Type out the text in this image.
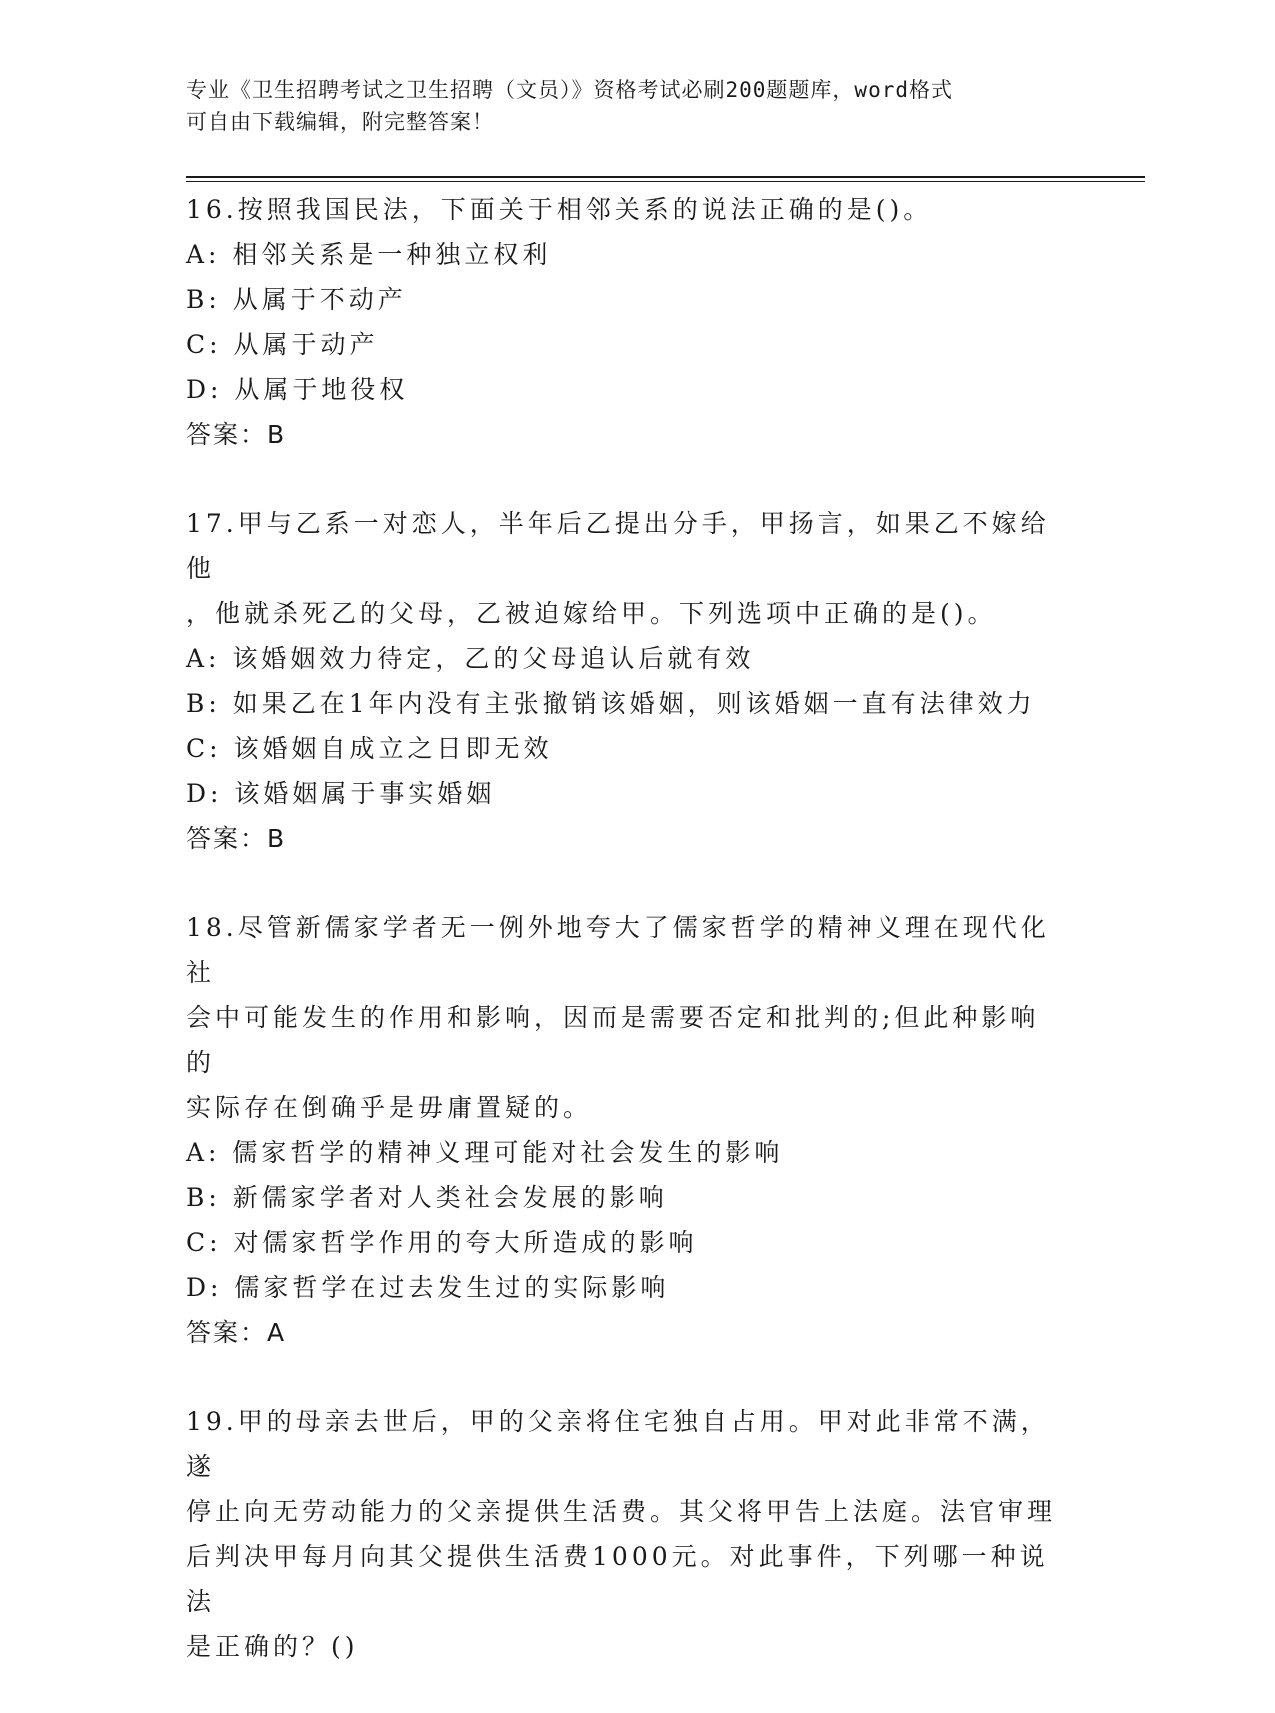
专业《卫生招聘考试之卫生招聘（文员）》资格考试必刷200题题库，word格式
可自由下载编辑，附完整答案！
16.按照我国民法，下面关于相邻关系的说法正确的是()。
A: 相邻关系是一种独立权利
B: 从属于不动产
C: 从属于动产
D: 从属于地役权
答案：B
17.甲与乙系一对恋人，半年后乙提出分手，甲扬言，如果乙不嫁给他
，他就杀死乙的父母，乙被迫嫁给甲。下列选项中正确的是()。
A: 该婚姻效力待定，乙的父母追认后就有效
B: 如果乙在1年内没有主张撤销该婚姻，则该婚姻一直有法律效力
C: 该婚姻自成立之日即无效
D: 该婚姻属于事实婚姻
答案：B
18.尽管新儒家学者无一例外地夸大了儒家哲学的精神义理在现代化社
会中可能发生的作用和影响，因而是需要否定和批判的;但此种影响的
实际存在倒确乎是毋庸置疑的。
A: 儒家哲学的精神义理可能对社会发生的影响
B: 新儒家学者对人类社会发展的影响
C: 对儒家哲学作用的夸大所造成的影响
D: 儒家哲学在过去发生过的实际影响
答案：A
19.甲的母亲去世后，甲的父亲将住宅独自占用。甲对此非常不满，遂
停止向无劳动能力的父亲提供生活费。其父将甲告上法庭。法官审理
后判决甲每月向其父提供生活费1000元。对此事件，下列哪一种说法
是正确的？()
